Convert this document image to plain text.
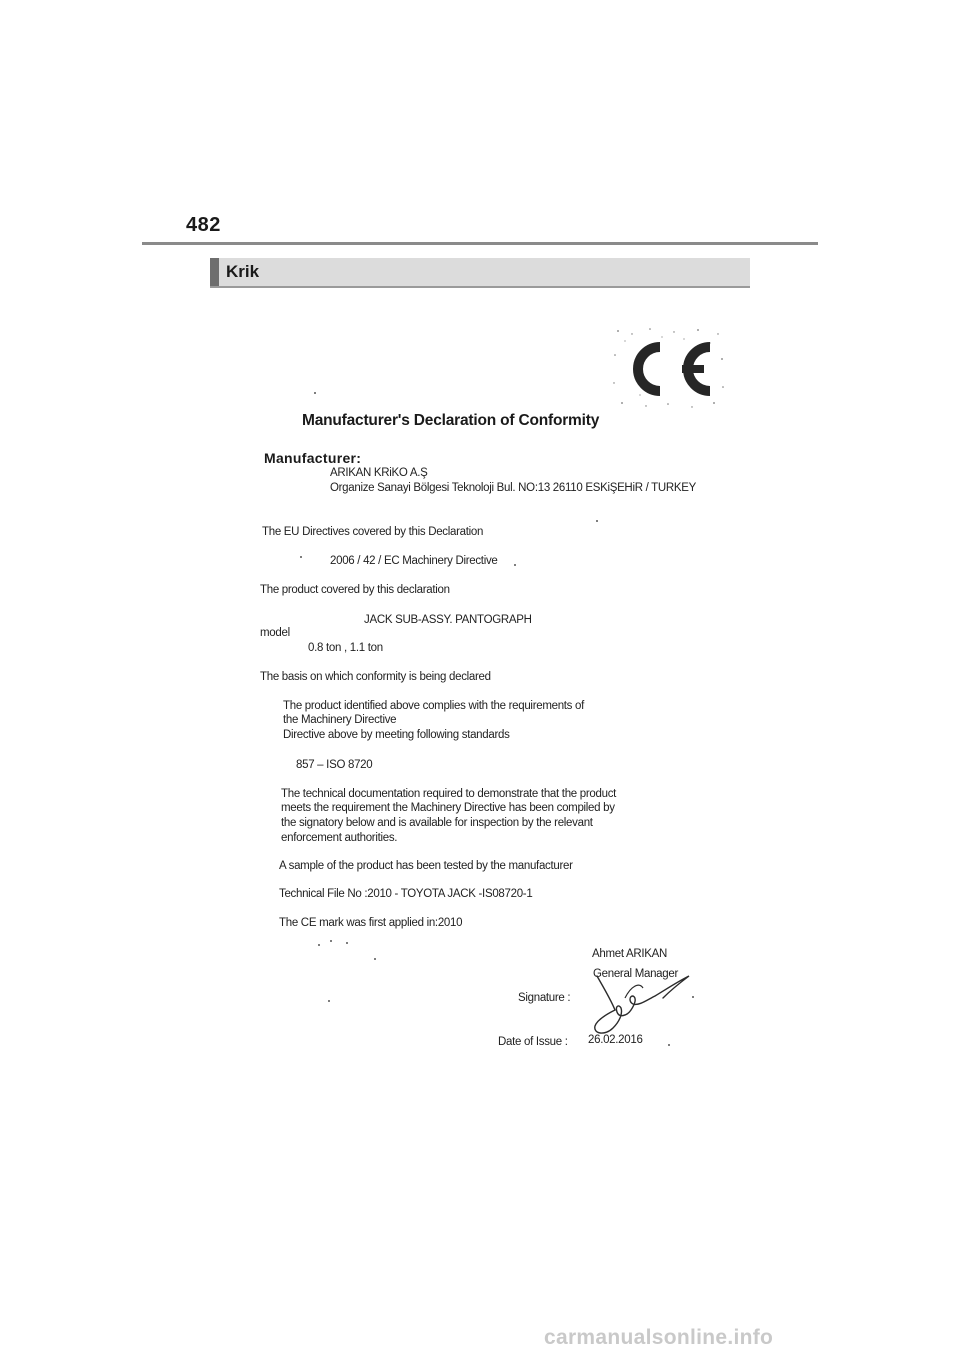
482
Krik
Manufacturer's Declaration of Conformity
Manufacturer:
ARIKAN KRiKO A.Ş
Organize Sanayi Bölgesi Teknoloji Bul. NO:13 26110 ESKiŞEHiR / TURKEY
The EU Directives covered by this Declaration
2006 / 42 / EC Machinery Directive
The product covered by this declaration
JACK SUB-ASSY. PANTOGRAPH
model
0.8 ton , 1.1 ton
The basis on which conformity is being declared
The product identified above complies with the requirements of
the Machinery Directive
Directive above by meeting following standards
857 – ISO 8720
The technical documentation required to demonstrate that the product
meets the requirement the Machinery Directive has been compiled by
the signatory below and is available for inspection by the relevant
enforcement authorities.
A sample of the product has been tested by the manufacturer
Technical File No :2010 - TOYOTA JACK -IS08720-1
The CE mark was first applied in:2010
Ahmet ARIKAN
General Manager
Signature :
Date of Issue : 26.02.2016
carmanualsonline.info
